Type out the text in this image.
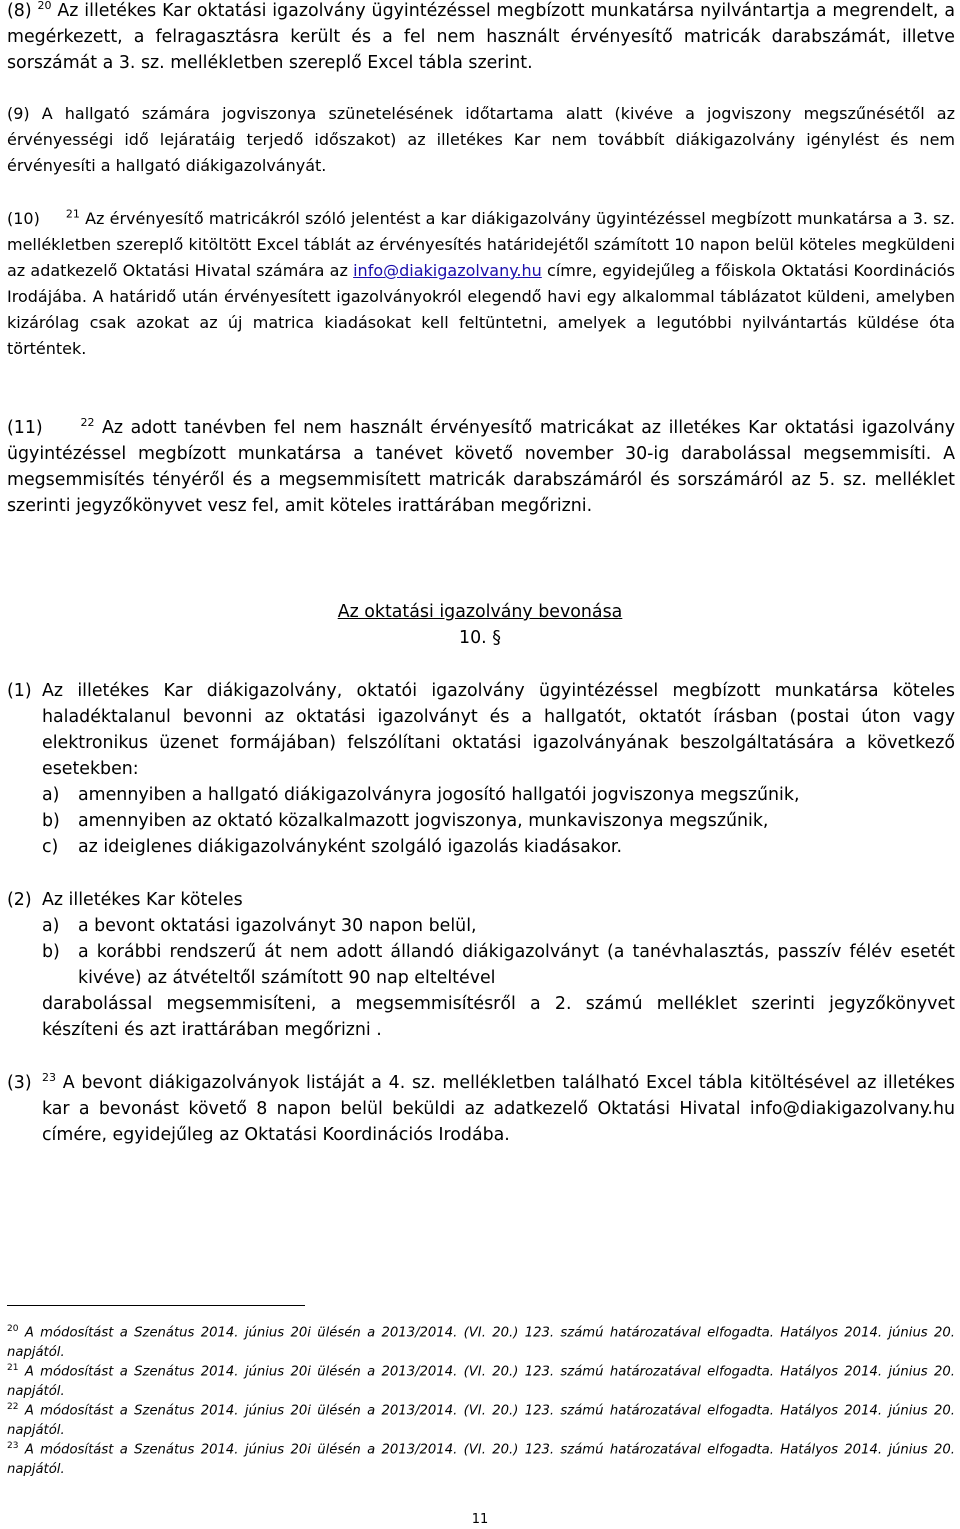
(8) $^{20}$ Az illetékes Kar oktatási igazolvány ügyintézéssel megbízott munkatársa nyilvántartja a megrendelt, a megérkezett, a felragasztásra került és a fel nem használt érvényesítő matricák darabszámát, illetve sorszámát a 3. sz. mellékletben szereplő Excel tábla szerint.
(9) A hallgató számára jogviszonya szünetelésének időtartama alatt (kivéve a jogviszony megszűnésétől az érvényességi idő lejáratáig terjedő időszakot) az illetékes Kar nem továbbít diákigazolvány igénylést és nem érvényesíti a hallgató diákigazolványát.
(10) $^{21}$ Az érvényesítő matricákról szóló jelentést a kar diákigazolvány ügyintézéssel megbízott munkatársa a 3. sz. mellékletben szereplő kitöltött Excel táblát az érvényesítés határidejétől számított 10 napon belül köteles megküldeni az adatkezelő Oktatási Hivatal számára az info@diakigazolvany.hu címre, egyidejűleg a főiskola Oktatási Koordinációs Irodájába. A határidő után érvényesített igazolványokról elegendő havi egy alkalommal táblázatot küldeni, amelyben kizárólag csak azokat az új matrica kiadásokat kell feltüntetni, amelyek a legutóbbi nyilvántartás küldése óta történtek.
(11)	$^{22}$ Az adott tanévben fel nem használt érvényesítő matricákat az illetékes Kar oktatási igazolvány ügyintézéssel megbízott munkatársa a tanévet követő november 30-ig darabolással megsemmisíti. A megsemmisítés tényéről és a megsemmisített matricák darabszámáról és sorszámáról az 5. sz. melléklet szerinti jegyzőkönyvet vesz fel, amit köteles irattárában megőrizni.
Az oktatási igazolvány bevonása
10. §
(1) Az illetékes Kar diákigazolvány, oktatói igazolvány ügyintézéssel megbízott munkatársa köteles haladéktalanul bevonni az oktatási igazolványt és a hallgatót, oktatót írásban (postai úton vagy elektronikus üzenet formájában) felszólítani oktatási igazolványának beszolgáltatására a következő esetekben:
a) amennyiben a hallgató diákigazolványra jogosító hallgatói jogviszonya megszűnik,
b) amennyiben az oktató közalkalmazott jogviszonya, munkaviszonya megszűnik,
c) az ideiglenes diákigazolványként szolgáló igazolás kiadásakor.
(2) Az illetékes Kar köteles
a) a bevont oktatási igazolványt 30 napon belül,
b) a korábbi rendszerű át nem adott állandó diákigazolványt (a tanévhalasztás, passzív félév esetét kivéve) az átvételtől számított 90 nap elteltével
darabolással megsemmisíteni, a megsemmisítésről a 2. számú melléklet szerinti jegyzőkönyvet készíteni és azt irattárában megőrizni .
(3) $^{23}$ A bevont diákigazolványok listáját a 4. sz. mellékletben található Excel tábla kitöltésével az illetékes kar a bevonást követő 8 napon belül beküldi az adatkezelő Oktatási Hivatal info@diakigazolvany.hu címére, egyidejűleg az Oktatási Koordinációs Irodába.
$^{20}$ A módosítást a Szenátus 2014. június 20i ülésén a 2013/2014. (VI. 20.) 123. számú határozatával elfogadta. Hatályos 2014. június 20. napjától.
$^{21}$ A módosítást a Szenátus 2014. június 20i ülésén a 2013/2014. (VI. 20.) 123. számú határozatával elfogadta. Hatályos 2014. június 20. napjától.
$^{22}$ A módosítást a Szenátus 2014. június 20i ülésén a 2013/2014. (VI. 20.) 123. számú határozatával elfogadta. Hatályos 2014. június 20. napjától.
$^{23}$ A módosítást a Szenátus 2014. június 20i ülésén a 2013/2014. (VI. 20.) 123. számú határozatával elfogadta. Hatályos 2014. június 20. napjától.
11
